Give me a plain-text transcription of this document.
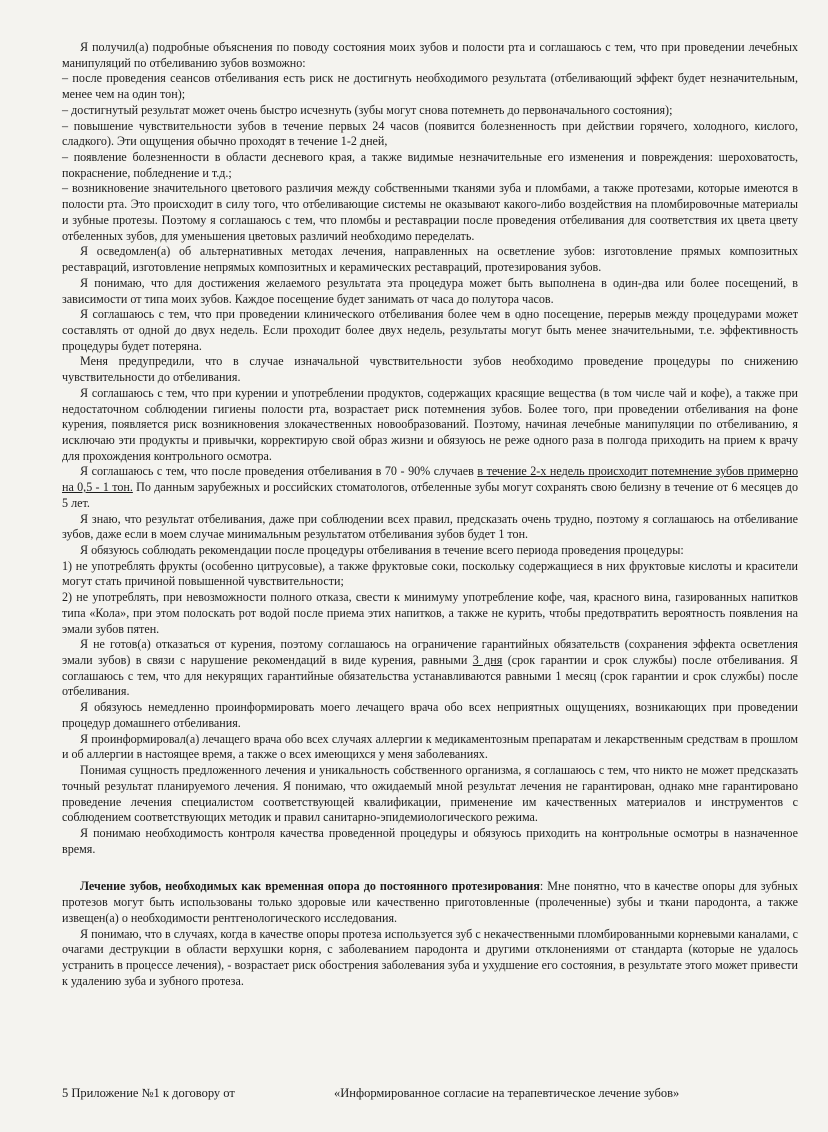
Я получил(а) подробные объяснения по поводу состояния моих зубов и полости рта и соглашаюсь с тем, что при проведении лечебных манипуляций по отбеливанию зубов возможно:

– после проведения сеансов отбеливания есть риск не достигнуть необходимого результата (отбеливающий эффект будет незначительным, менее чем на один тон);

– достигнутый результат может очень быстро исчезнуть (зубы могут снова потемнеть до первоначального состояния);

– повышение чувствительности зубов в течение первых 24 часов (появится болезненность при действии горячего, холодного, кислого, сладкого). Эти ощущения обычно проходят в течение 1-2 дней,

– появление болезненности в области десневого края, а также видимые незначительные его изменения и повреждения: шероховатость, покраснение, побледнение и т.д.;

– возникновение значительного цветового различия между собственными тканями зуба и пломбами, а также протезами, которые имеются в полости рта. Это происходит в силу того, что отбеливающие системы не оказывают какого-либо воздействия на пломбировочные материалы и зубные протезы. Поэтому я соглашаюсь с тем, что пломбы и реставрации после проведения отбеливания для соответствия их цвета цвету отбеленных зубов, для уменьшения цветовых различий необходимо переделать.

Я осведомлен(а) об альтернативных методах лечения, направленных на осветление зубов: изготовление прямых композитных реставраций, изготовление непрямых композитных и керамических реставраций, протезирования зубов.

Я понимаю, что для достижения желаемого результата эта процедура может быть выполнена в один-два или более посещений, в зависимости от типа моих зубов. Каждое посещение будет занимать от часа до полутора часов.

Я соглашаюсь с тем, что при проведении клинического отбеливания более чем в одно посещение, перерыв между процедурами может составлять от одной до двух недель. Если проходит более двух недель, результаты могут быть менее значительными, т.е. эффективность процедуры будет потеряна.

Меня предупредили, что в случае изначальной чувствительности зубов необходимо проведение процедуры по снижению чувствительности до отбеливания.

Я соглашаюсь с тем, что при курении и употреблении продуктов, содержащих красящие вещества (в том числе чай и кофе), а также при недостаточном соблюдении гигиены полости рта, возрастает риск потемнения зубов. Более того, при проведении отбеливания на фоне курения, появляется риск возникновения злокачественных новообразований. Поэтому, начиная лечебные манипуляции по отбеливанию, я исключаю эти продукты и привычки, корректирую свой образ жизни и обязуюсь не реже одного раза в полгода приходить на прием к врачу для прохождения контрольного осмотра.

Я соглашаюсь с тем, что после проведения отбеливания в 70 - 90% случаев в течение 2-х недель происходит потемнение зубов примерно на 0,5 - 1 тон. По данным зарубежных и российских стоматологов, отбеленные зубы могут сохранять свою белизну в течение от 6 месяцев до 5 лет.

Я знаю, что результат отбеливания, даже при соблюдении всех правил, предсказать очень трудно, поэтому я соглашаюсь на отбеливание зубов, даже если в моем случае минимальным результатом отбеливания зубов будет 1 тон.

Я обязуюсь соблюдать рекомендации после процедуры отбеливания в течение всего периода проведения процедуры:

1) не употреблять фрукты (особенно цитрусовые), а также фруктовые соки, поскольку содержащиеся в них фруктовые кислоты и красители могут стать причиной повышенной чувствительности;

2) не употреблять, при невозможности полного отказа, свести к минимуму употребление кофе, чая, красного вина, газированных напитков типа «Кола», при этом полоскать рот водой после приема этих напитков, а также не курить, чтобы предотвратить вероятность появления на эмали зубов пятен.

Я не готов(а) отказаться от курения, поэтому соглашаюсь на ограничение гарантийных обязательств (сохранения эффекта осветления эмали зубов) в связи с нарушение рекомендаций в виде курения, равными 3 дня (срок гарантии и срок службы) после отбеливания. Я соглашаюсь с тем, что для некурящих гарантийные обязательства устанавливаются равными 1 месяц (срок гарантии и срок службы) после отбеливания.

Я обязуюсь немедленно проинформировать моего лечащего врача обо всех неприятных ощущениях, возникающих при проведении процедур домашнего отбеливания.

Я проинформировал(а) лечащего врача обо всех случаях аллергии к медикаментозным препаратам и лекарственным средствам в прошлом и об аллергии в настоящее время, а также о всех имеющихся у меня заболеваниях.

Понимая сущность предложенного лечения и уникальность собственного организма, я соглашаюсь с тем, что никто не может предсказать точный результат планируемого лечения. Я понимаю, что ожидаемый мной результат лечения не гарантирован, однако мне гарантировано проведение лечения специалистом соответствующей квалификации, применение им качественных материалов и инструментов с соблюдением соответствующих методик и правил санитарно-эпидемиологического режима.

Я понимаю необходимость контроля качества проведенной процедуры и обязуюсь приходить на контрольные осмотры в назначенное время.

Лечение зубов, необходимых как временная опора до постоянного протезирования: Мне понятно, что в качестве опоры для зубных протезов могут быть использованы только здоровые или качественно приготовленные (пролеченные) зубы и ткани пародонта, а также извещен(а) о необходимости рентгенологического исследования.

Я понимаю, что в случаях, когда в качестве опоры протеза используется зуб с некачественными пломбированными корневыми каналами, с очагами деструкции в области верхушки корня, с заболеванием пародонта и другими отклонениями от стандарта (которые не удалось устранить в процессе лечения), - возрастает риск обострения заболевания зуба и ухудшение его состояния, в результате этого может привести к удалению зуба и зубного протеза.

5 Приложение №1 к договору от	«Информированное согласие на терапевтическое лечение зубов»
